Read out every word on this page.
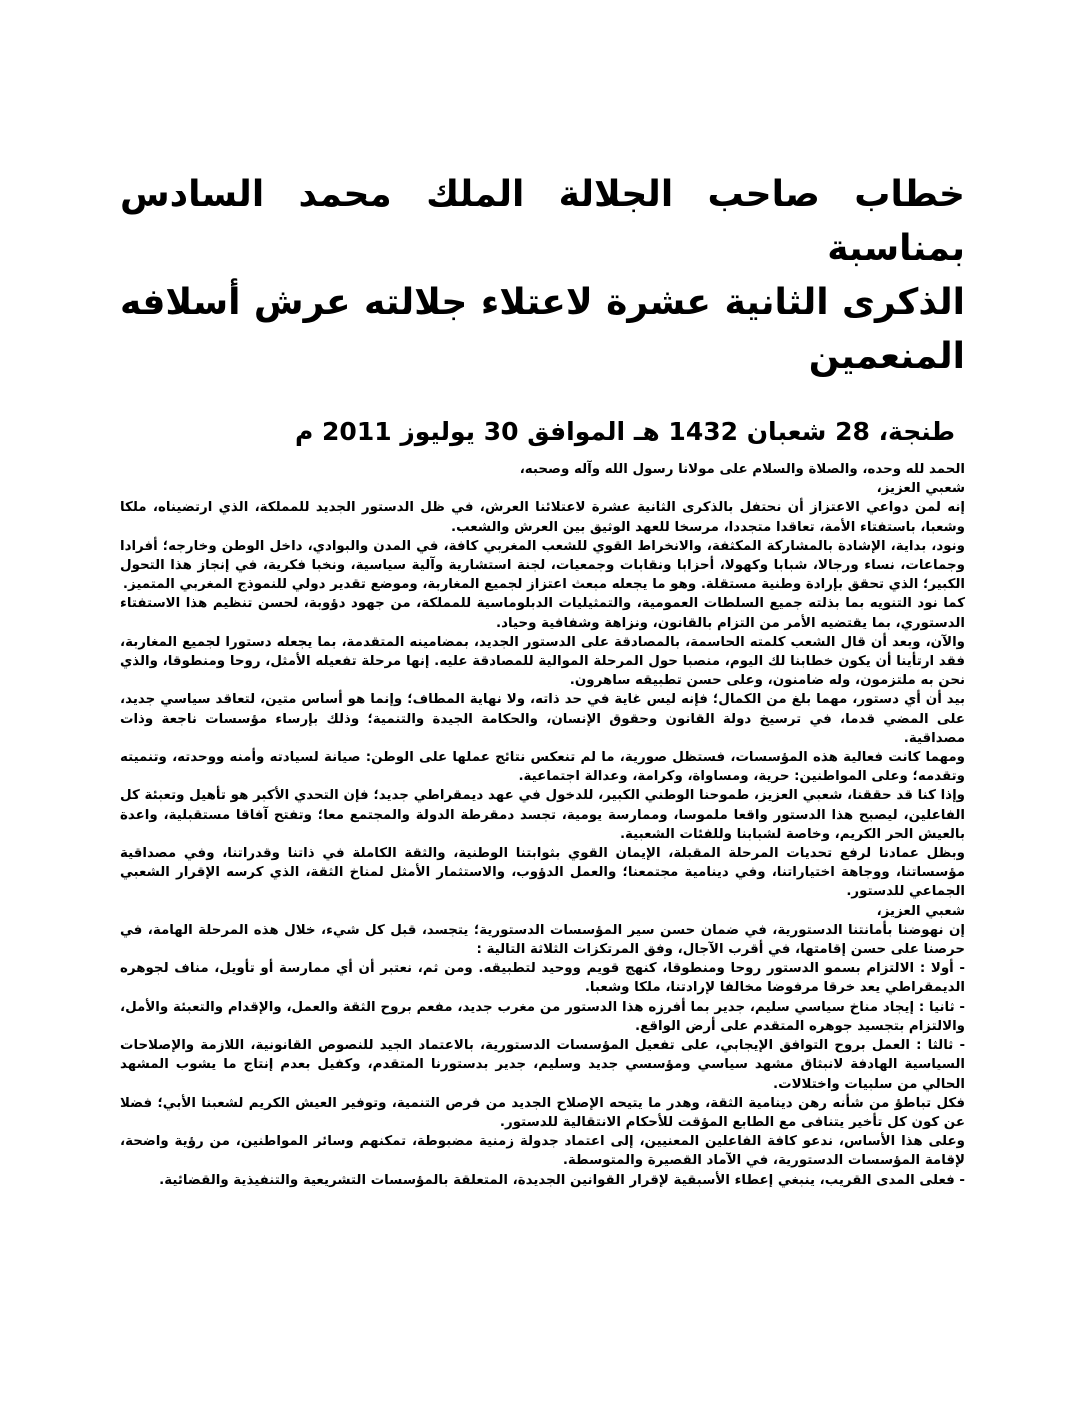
خطاب صاحب الجلالة الملك محمد السادس بمناسبة
الذكرى الثانية عشرة لاعتلاء جلالته عرش أسلافه المنعمين
طنجة، 28 شعبان 1432 هـ الموافق 30 يوليوز 2011 م

الحمد لله وحده، والصلاة والسلام على مولانا رسول الله وآله وصحبه،

شعبي العزيز،

إنه لمن دواعي الاعتزاز أن نحتفل بالذكرى الثانية عشرة لاعتلائنا العرش، في ظل الدستور الجديد للمملكة، الذي ارتضيناه، ملكا وشعبا، باستفتاء الأمة، تعاقدا متجددا، مرسخا للعهد الوثيق بين العرش والشعب.

ونود، بداية، الإشادة بالمشاركة المكثفة، والانخراط القوي للشعب المغربي كافة، في المدن والبوادي، داخل الوطن وخارجه؛ أفرادا وجماعات، نساء ورجالا، شبابا وكهولا، أحزابا ونقابات وجمعيات، لجنة استشارية وآلية سياسية، ونخبا فكرية، في إنجاز هذا التحول الكبير؛ الذي تحقق بإرادة وطنية مستقلة. وهو ما يجعله مبعث اعتزاز لجميع المغاربة، وموضع تقدير دولي للنموذج المغربي المتميز.

كما نود التنويه بما بذلته جميع السلطات العمومية، والتمثيليات الدبلوماسية للمملكة، من جهود دؤوبة، لحسن تنظيم هذا الاستفتاء الدستوري، بما يقتضيه الأمر من التزام بالقانون، ونزاهة وشفافية وحياد.

والآن، وبعد أن قال الشعب كلمته الحاسمة، بالمصادقة على الدستور الجديد، بمضامينه المتقدمة، بما يجعله دستورا لجميع المغاربة، فقد ارتأينا أن يكون خطابنا لك اليوم، منصبا حول المرحلة الموالية للمصادقة عليه. إنها مرحلة تفعيله الأمثل، روحا ومنطوقا، والذي نحن به ملتزمون، وله ضامنون، وعلى حسن تطبيقه ساهرون.

بيد أن أي دستور، مهما بلغ من الكمال؛ فإنه ليس غاية في حد ذاته، ولا نهاية المطاف؛ وإنما هو أساس متين، لتعاقد سياسي جديد، على المضي قدما، في ترسيخ دولة القانون وحقوق الإنسان، والحكامة الجيدة والتنمية؛ وذلك بإرساء مؤسسات ناجعة وذات مصداقية.

ومهما كانت فعالية هذه المؤسسات، فستظل صورية، ما لم تنعكس نتائج عملها على الوطن: صيانة لسيادته وأمنه ووحدته، وتنميته وتقدمه؛ وعلى المواطنين: حرية، ومساواة، وكرامة، وعدالة اجتماعية.

وإذا كنا قد حققنا، شعبي العزيز، طموحنا الوطني الكبير، للدخول في عهد ديمقراطي جديد؛ فإن التحدي الأكبر هو تأهيل وتعبئة كل الفاعلين، ليصبح هذا الدستور واقعا ملموسا، وممارسة يومية، تجسد دمقرطة الدولة والمجتمع معا؛ وتفتح آفاقا مستقبلية، واعدة بالعيش الحر الكريم، وخاصة لشبابنا وللفئات الشعبية.

وبظل عمادنا لرفع تحديات المرحلة المقبلة، الإيمان القوي بثوابتنا الوطنية، والثقة الكاملة في ذاتنا وقدراتنا، وفي مصداقية مؤسساتنا، ووجاهة اختياراتنا، وفي دينامية مجتمعنا؛ والعمل الدؤوب، والاستثمار الأمثل لمناخ الثقة، الذي كرسه الإقرار الشعبي الجماعي للدستور.

شعبي العزيز،

إن نهوضنا بأمانتنا الدستورية، في ضمان حسن سير المؤسسات الدستورية؛ يتجسد، قبل كل شيء، خلال هذه المرحلة الهامة، في حرصنا على حسن إقامتها، في أقرب الآجال، وفق المرتكزات الثلاثة التالية :

- أولا : الالتزام بسمو الدستور روحا ومنطوقا، كنهج قويم ووحيد لتطبيقه. ومن ثم، نعتبر أن أي ممارسة أو تأويل، مناف لجوهره الديمقراطي يعد خرقا مرفوضا مخالفا لإرادتنا، ملكا وشعبا.

- ثانيا : إيجاد مناخ سياسي سليم، جدير بما أفرزه هذا الدستور من مغرب جديد، مفعم بروح الثقة والعمل، والإقدام والتعبئة والأمل، والالتزام بتجسيد جوهره المتقدم على أرض الواقع.

- ثالثا : العمل بروح التوافق الإيجابي، على تفعيل المؤسسات الدستورية، بالاعتماد الجيد للنصوص القانونية، اللازمة والإصلاحات السياسية الهادفة لانبثاق مشهد سياسي ومؤسسي جديد وسليم، جدير بدستورنا المتقدم، وكفيل بعدم إنتاج ما يشوب المشهد الحالي من سلبيات واختلالات.

فكل تباطؤ من شأنه رهن دينامية الثقة، وهدر ما يتيحه الإصلاح الجديد من فرص التنمية، وتوفير العيش الكريم لشعبنا الأبي؛ فضلا عن كون كل تأخير يتنافى مع الطابع المؤقت للأحكام الانتقالية للدستور.

وعلى هذا الأساس، ندعو كافة الفاعلين المعنيين، إلى اعتماد جدولة زمنية مضبوطة، تمكنهم وسائر المواطنين، من رؤية واضحة، لإقامة المؤسسات الدستورية، في الآماد القصيرة والمتوسطة.

- فعلى المدى القريب، ينبغي إعطاء الأسبقية لإقرار القوانين الجديدة، المتعلقة بالمؤسسات التشريعية والتنفيذية والقضائية.
